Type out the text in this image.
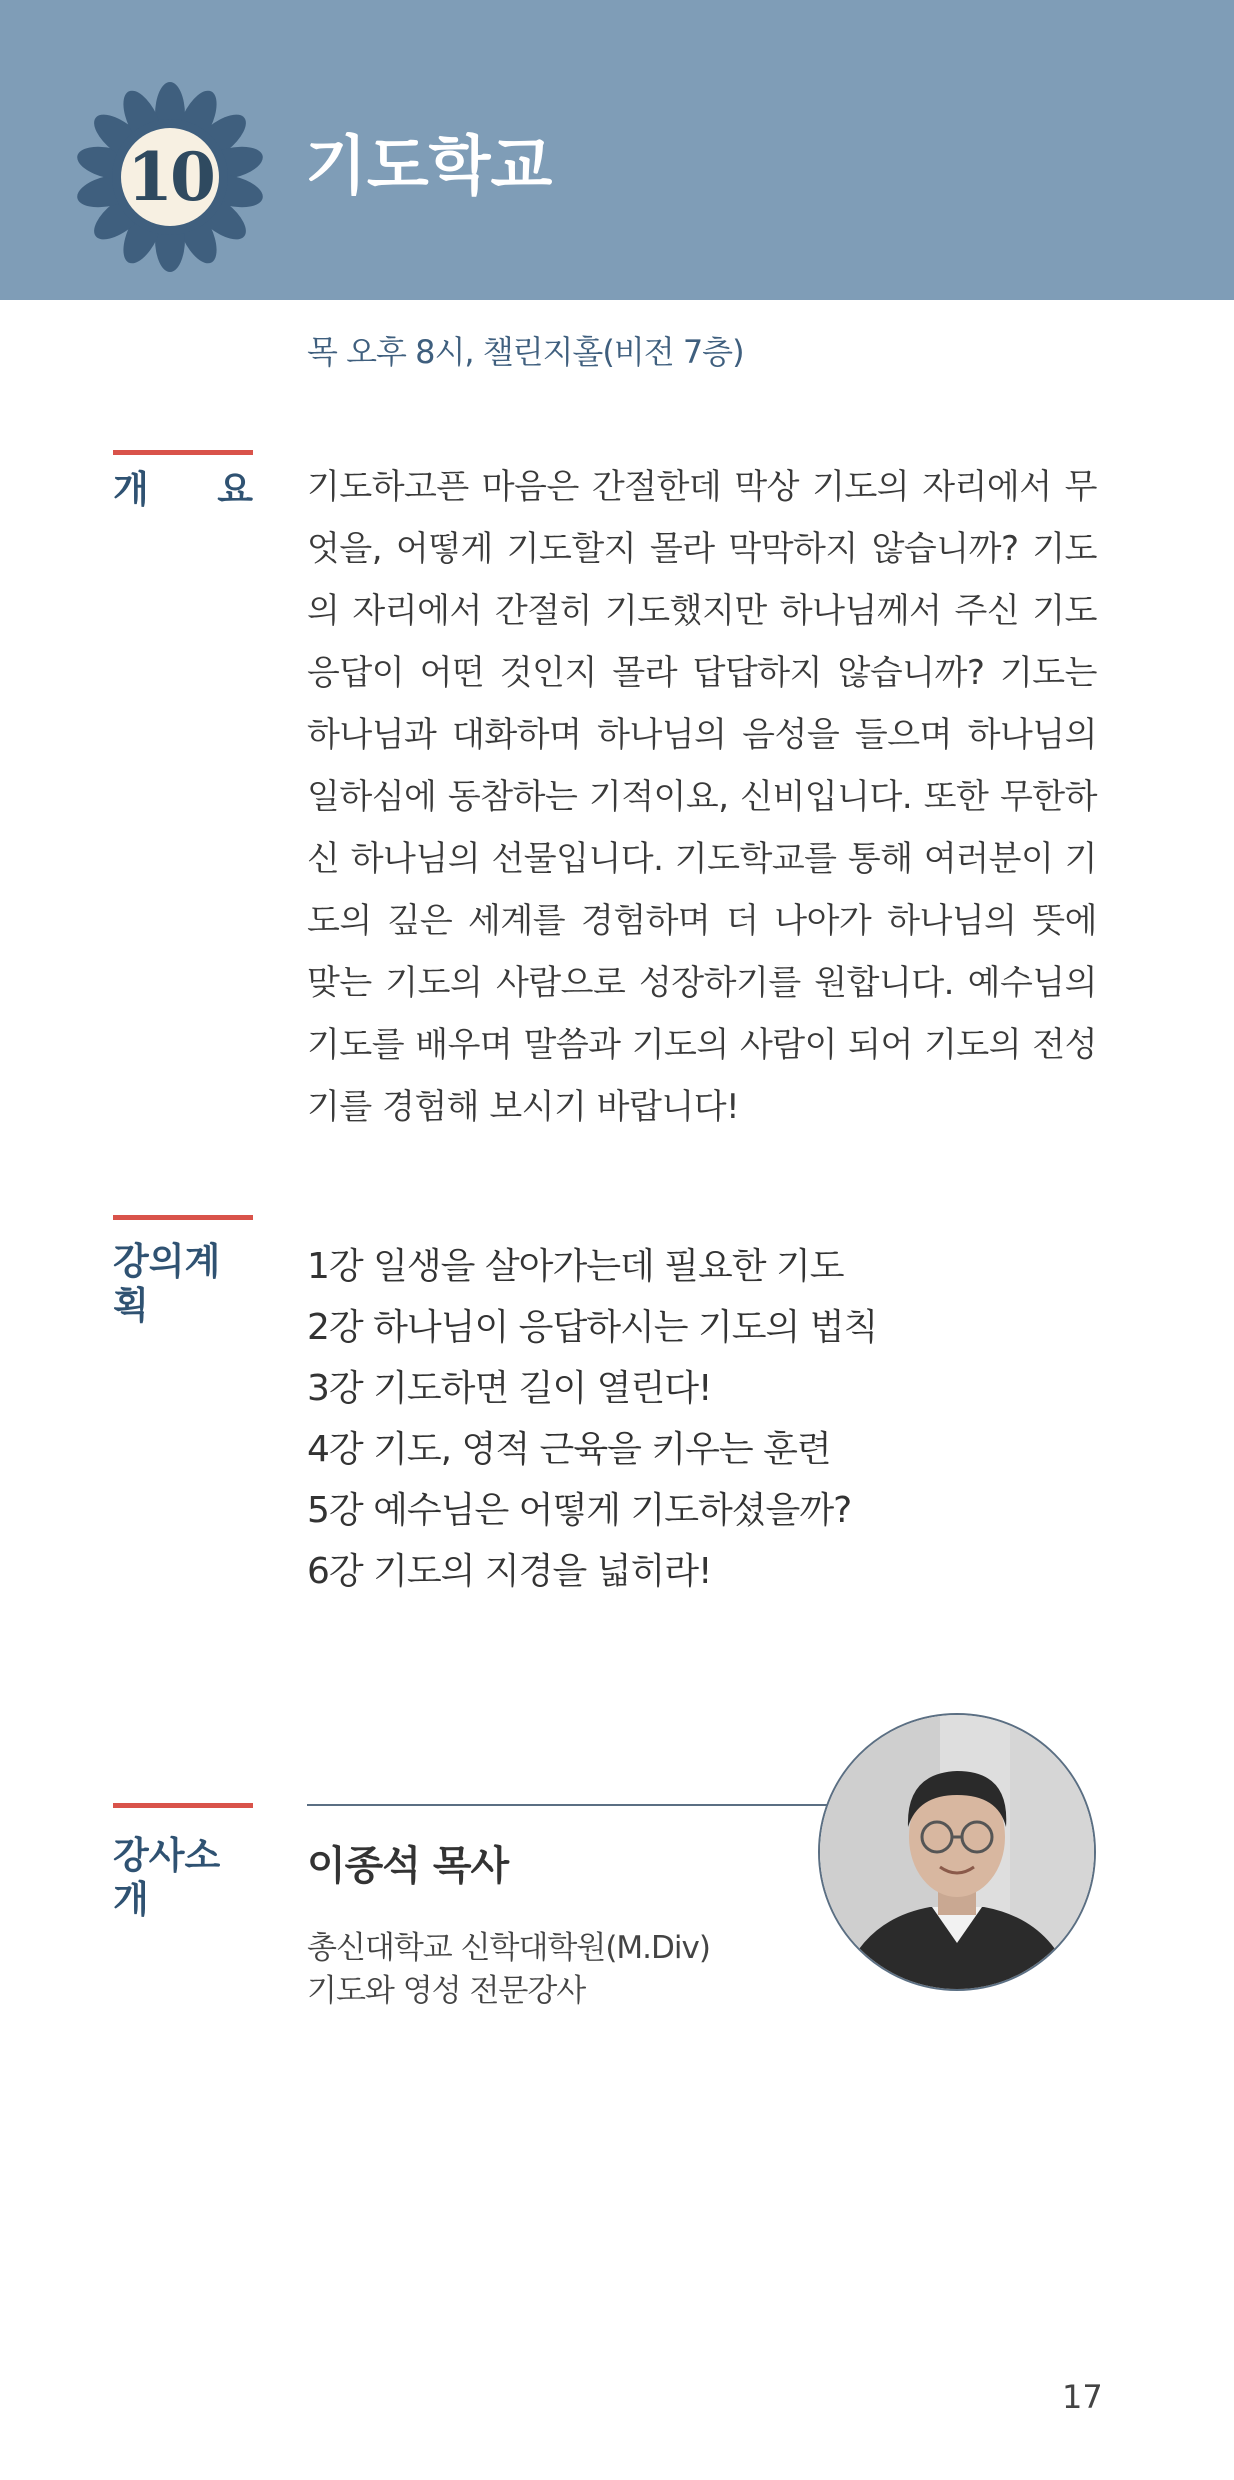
10	기도학교
목 오후 8시, 챌린지홀(비전 7층)
개 요 기도하고픈 마음은 간절한데 막상 기도의 자리에서 무엇을, 어떻게 기도할지 몰라 막막하지 않습니까? 기도의 자리에서 간절히 기도했지만 하나님께서 주신 기도 응답이 어떤 것인지 몰라 답답하지 않습니까? 기도는 하나님과 대화하며 하나님의 음성을 들으며 하나님의 일하심에 동참하는 기적이요, 신비입니다. 또한 무한하신 하나님의 선물입니다. 기도학교를 통해 여러분이 기도의 깊은 세계를 경험하며 더 나아가 하나님의 뜻에 맞는 기도의 사람으로 성장하기를 원합니다. 예수님의 기도를 배우며 말씀과 기도의 사람이 되어 기도의 전성기를 경험해 보시기 바랍니다!
강의계획
1강 일생을 살아가는데 필요한 기도
2강 하나님이 응답하시는 기도의 법칙
3강 기도하면 길이 열린다!
4강 기도, 영적 근육을 키우는 훈련
5강 예수님은 어떻게 기도하셨을까?
6강 기도의 지경을 넓히라!
강사소개
이종석 목사
총신대학교 신학대학원(M.Div)
기도와 영성 전문강사
17
